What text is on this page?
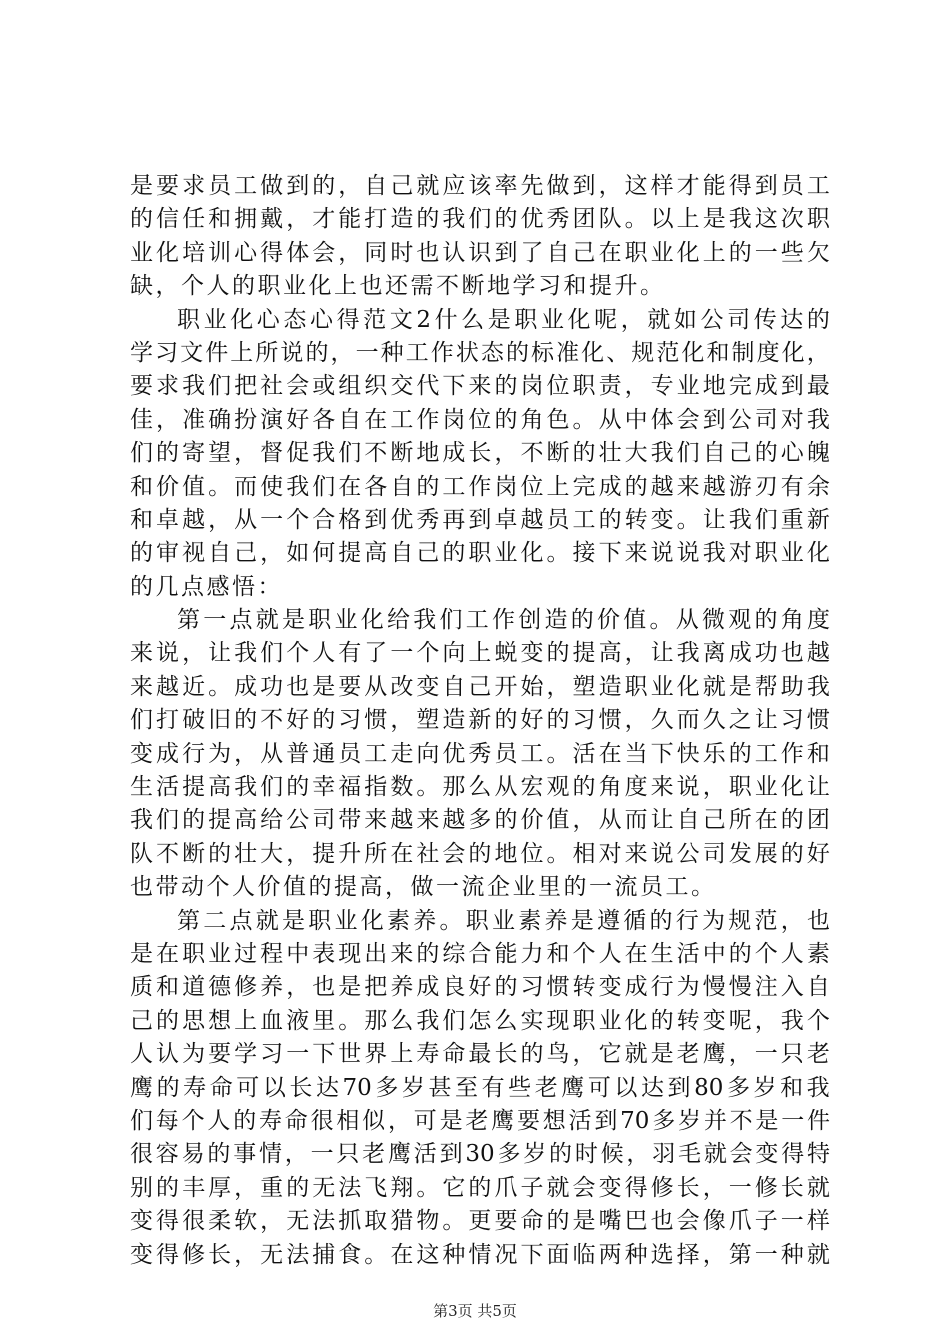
是 要 求 员 工 做 到 的 ， 自 己 就 应 该 率 先 做 到 ， 这 样 才 能 得 到 员 工
的 信 任 和 拥 戴 ， 才 能 打 造 的 我 们 的 优 秀 团 队 。 以 上 是 我 这 次 职
业 化 培 训 心 得 体 会 ， 同 时 也 认 识 到 了 自 己 在 职 业 化 上 的 一 些 欠
缺，个人的职业化上也还需不断地学习和提升。
职 业 化 心 态 心 得 范 文 2 什 么 是 职 业 化 呢 ， 就 如 公 司 传 达 的
学 习 文 件 上 所 说 的 ， 一 种 工 作 状 态 的 标 准 化 、 规 范 化 和 制 度 化 ，
要 求 我 们 把 社 会 或 组 织 交 代 下 来 的 岗 位 职 责 ， 专 业 地 完 成 到 最
佳 ， 准 确 扮 演 好 各 自 在 工 作 岗 位 的 角 色 。 从 中 体 会 到 公 司 对 我
们 的 寄 望 ， 督 促 我 们 不 断 地 成 长 ， 不 断 的 壮 大 我 们 自 己 的 心 魄
和 价 值 。 而 使 我 们 在 各 自 的 工 作 岗 位 上 完 成 的 越 来 越 游 刃 有 余
和 卓 越 ， 从 一 个 合 格 到 优 秀 再 到 卓 越 员 工 的 转 变 。 让 我 们 重 新
的 审 视 自 己 ， 如 何 提 高 自 己 的 职 业 化 。 接 下 来 说 说 我 对 职 业 化
的几点感悟：
第 一 点 就 是 职 业 化 给 我 们 工 作 创 造 的 价 值 。 从 微 观 的 角 度
来 说 ， 让 我 们 个 人 有 了 一 个 向 上 蜕 变 的 提 高 ， 让 我 离 成 功 也 越
来 越 近 。 成 功 也 是 要 从 改 变 自 己 开 始 ， 塑 造 职 业 化 就 是 帮 助 我
们 打 破 旧 的 不 好 的 习 惯 ， 塑 造 新 的 好 的 习 惯 ， 久 而 久 之 让 习 惯
变 成 行 为 ， 从 普 通 员 工 走 向 优 秀 员 工 。 活 在 当 下 快 乐 的 工 作 和
生 活 提 高 我 们 的 幸 福 指 数 。 那 么 从 宏 观 的 角 度 来 说 ， 职 业 化 让
我 们 的 提 高 给 公 司 带 来 越 来 越 多 的 价 值 ， 从 而 让 自 己 所 在 的 团
队 不 断 的 壮 大 ， 提 升 所 在 社 会 的 地 位 。 相 对 来 说 公 司 发 展 的 好
也带动个人价值的提高，做一流企业里的一流员工。
第 二 点 就 是 职 业 化 素 养 。 职 业 素 养 是 遵 循 的 行 为 规 范 ， 也
是 在 职 业 过 程 中 表 现 出 来 的 综 合 能 力 和 个 人 在 生 活 中 的 个 人 素
质 和 道 德 修 养 ， 也 是 把 养 成 良 好 的 习 惯 转 变 成 行 为 慢 慢 注 入 自
己 的 思 想 上 血 液 里 。 那 么 我 们 怎 么 实 现 职 业 化 的 转 变 呢 ， 我 个
人 认 为 要 学 习 一 下 世 界 上 寿 命 最 长 的 鸟 ， 它 就 是 老 鹰 ， 一 只 老
鹰 的 寿 命 可 以 长 达 70 多 岁 甚 至 有 些 老 鹰 可 以 达 到 80 多 岁 和 我
们 每 个 人 的 寿 命 很 相 似 ， 可 是 老 鹰 要 想 活 到 70 多 岁 并 不 是 一 件
很 容 易 的 事 情 ， 一 只 老 鹰 活 到 30 多 岁 的 时 候 ， 羽 毛 就 会 变 得 特
别 的 丰 厚 ， 重 的 无 法 飞 翔 。 它 的 爪 子 就 会 变 得 修 长 ， 一 修 长 就
变 得 很 柔 软 ， 无 法 抓 取 猎 物 。 更 要 命 的 是 嘴 巴 也 会 像 爪 子 一 样
变 得 修 长 ， 无 法 捕 食 。 在 这 种 情 况 下 面 临 两 种 选 择 ， 第 一 种 就
第3页 共5页
